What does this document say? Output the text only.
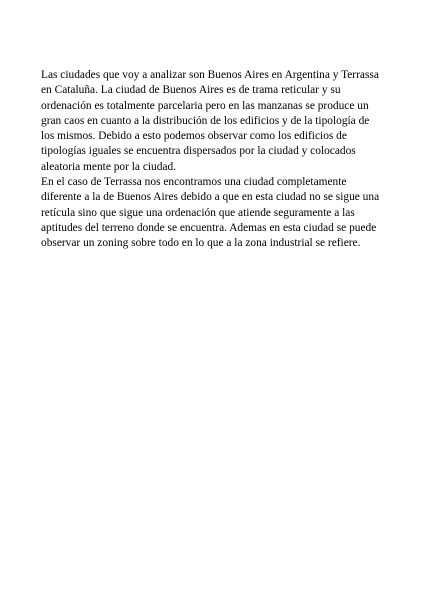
Las ciudades que voy a analizar son Buenos Aires en Argentina y Terrassa
en Cataluña. La ciudad de Buenos Aires es de trama reticular y su
ordenación es totalmente parcelaria pero en las manzanas se produce un
gran caos en cuanto a la distribución de los edificios y de la tipología de
los mismos. Debido a esto podemos observar como los edificios de
tipologías iguales se encuentra dispersados por la ciudad y colocados
aleatoria mente por la ciudad.

En el caso de Terrassa nos encontramos una ciudad completamente
diferente a la de Buenos Aires debido a que en esta ciudad no se sigue una
retícula sino que sigue una ordenación que atiende seguramente a las
aptitudes del terreno donde se encuentra. Ademas en esta ciudad se puede
observar un zoning sobre todo en lo que a la zona industrial se refiere.
